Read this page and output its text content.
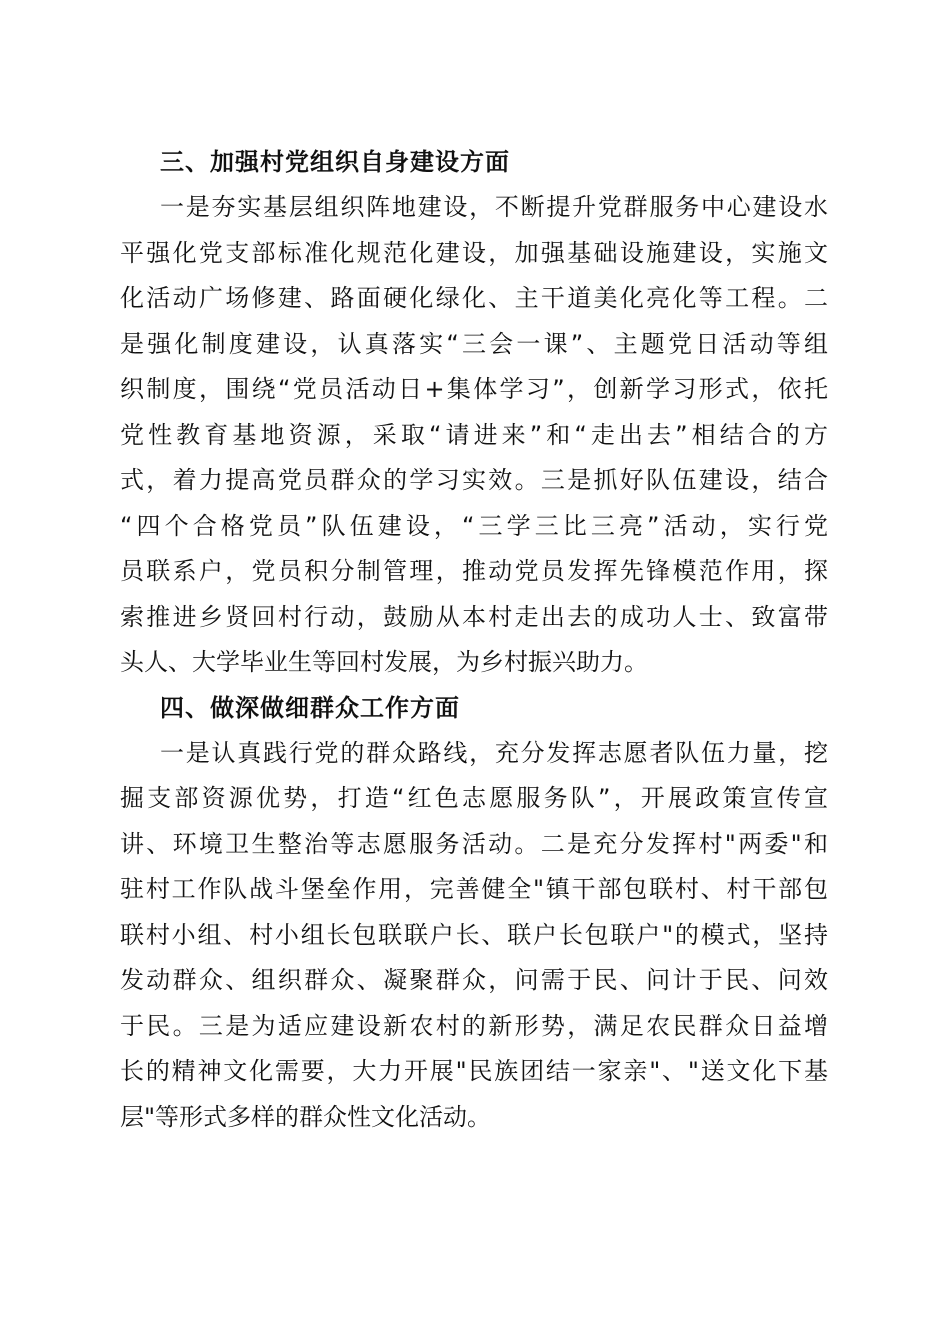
三、加强村党组织自身建设方面
一是夯实基层组织阵地建设，不断提升党群服务中心建设水
平强化党支部标准化规范化建设，加强基础设施建设，实施文
化活动广场修建、路面硬化绿化、主干道美化亮化等工程。二
是强化制度建设，认真落实“三会一课”、主题党日活动等组
织制度，围绕“党员活动日+集体学习”，创新学习形式，依托
党性教育基地资源，采取“请进来”和“走出去”相结合的方
式，着力提高党员群众的学习实效。三是抓好队伍建设，结合
“四个合格党员”队伍建设，“三学三比三亮”活动，实行党
员联系户，党员积分制管理，推动党员发挥先锋模范作用，探
索推进乡贤回村行动，鼓励从本村走出去的成功人士、致富带
头人、大学毕业生等回村发展，为乡村振兴助力。
四、做深做细群众工作方面
一是认真践行党的群众路线，充分发挥志愿者队伍力量，挖
掘支部资源优势，打造“红色志愿服务队”，开展政策宣传宣
讲、环境卫生整治等志愿服务活动。二是充分发挥村"两委"和
驻村工作队战斗堡垒作用，完善健全"镇干部包联村、村干部包
联村小组、村小组长包联联户长、联户长包联户"的模式，坚持
发动群众、组织群众、凝聚群众，问需于民、问计于民、问效
于民。三是为适应建设新农村的新形势，满足农民群众日益增
长的精神文化需要，大力开展"民族团结一家亲"、"送文化下基
层"等形式多样的群众性文化活动。
